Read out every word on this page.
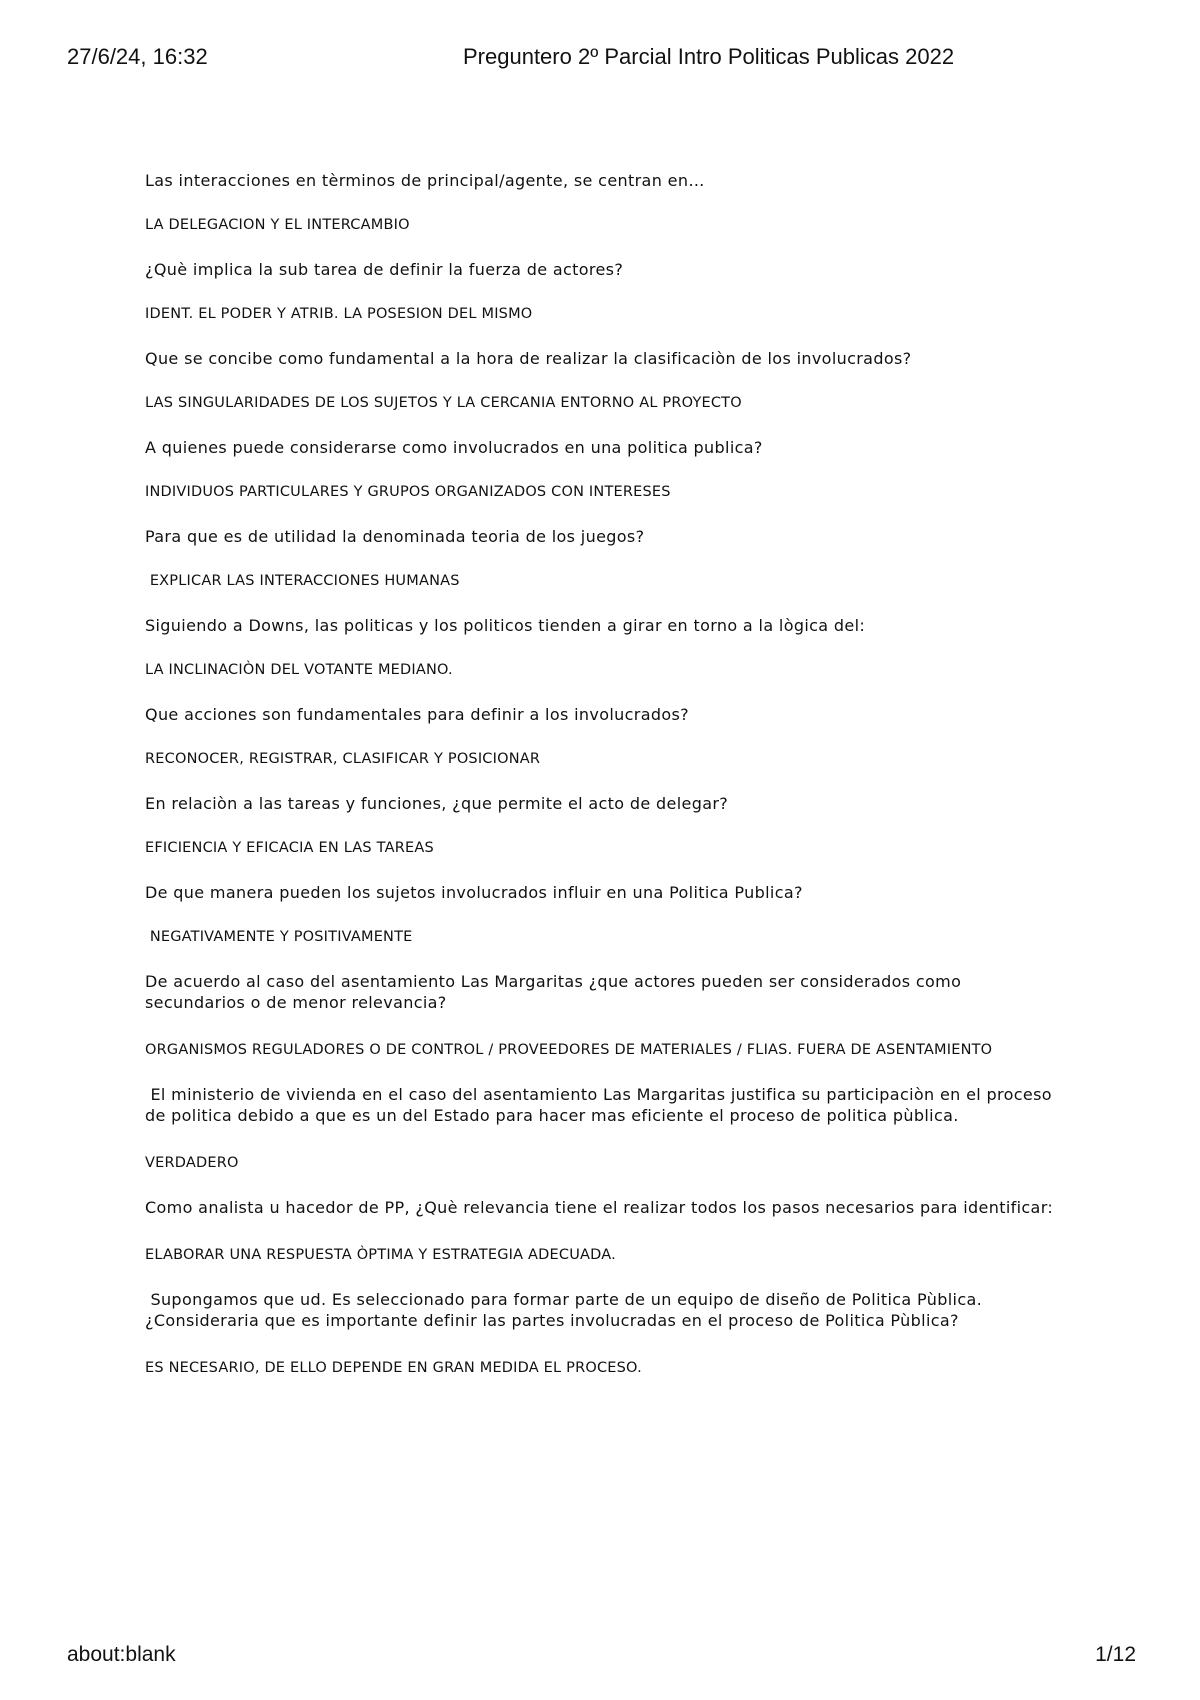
27/6/24, 16:32	Preguntero 2º Parcial Intro Politicas Publicas 2022
Las interacciones en tèrminos de principal/agente, se centran en…
LA DELEGACION Y EL INTERCAMBIO
¿Què implica la sub tarea de definir la fuerza de actores?
IDENT. EL PODER Y ATRIB. LA POSESION DEL MISMO
Que se concibe como fundamental a la hora de realizar la clasificaciòn de los involucrados?
LAS SINGULARIDADES DE LOS SUJETOS Y LA CERCANIA ENTORNO AL PROYECTO
A quienes puede considerarse como involucrados en una politica publica?
INDIVIDUOS PARTICULARES Y GRUPOS ORGANIZADOS CON INTERESES
Para que es de utilidad la denominada teoria de los juegos?
EXPLICAR LAS INTERACCIONES HUMANAS
Siguiendo a Downs, las politicas y los politicos tienden a girar en torno a la lògica del:
LA INCLINACIÒN DEL VOTANTE MEDIANO.
Que acciones son fundamentales para definir a los involucrados?
RECONOCER, REGISTRAR, CLASIFICAR Y POSICIONAR
En relaciòn a las tareas y funciones, ¿que permite el acto de delegar?
EFICIENCIA Y EFICACIA EN LAS TAREAS
De que manera pueden los sujetos involucrados influir en una Politica Publica?
NEGATIVAMENTE Y POSITIVAMENTE
De acuerdo al caso del asentamiento Las Margaritas ¿que actores pueden ser considerados como secundarios o de menor relevancia?
ORGANISMOS REGULADORES O DE CONTROL / PROVEEDORES DE MATERIALES / FLIAS. FUERA DE ASENTAMIENTO
El ministerio de vivienda en el caso del asentamiento Las Margaritas justifica su participaciòn en el proceso de politica debido a que es un del Estado para hacer mas eficiente el proceso de politica pùblica.
VERDADERO
Como analista u hacedor de PP, ¿Què relevancia tiene el realizar todos los pasos necesarios para identificar:
ELABORAR UNA RESPUESTA ÒPTIMA Y ESTRATEGIA ADECUADA.
Supongamos que ud. Es seleccionado para formar parte de un equipo de diseño de Politica Pùblica. ¿Consideraria que es importante definir las partes involucradas en el proceso de Politica Pùblica?
ES NECESARIO, DE ELLO DEPENDE EN GRAN MEDIDA EL PROCESO.
about:blank	1/12
